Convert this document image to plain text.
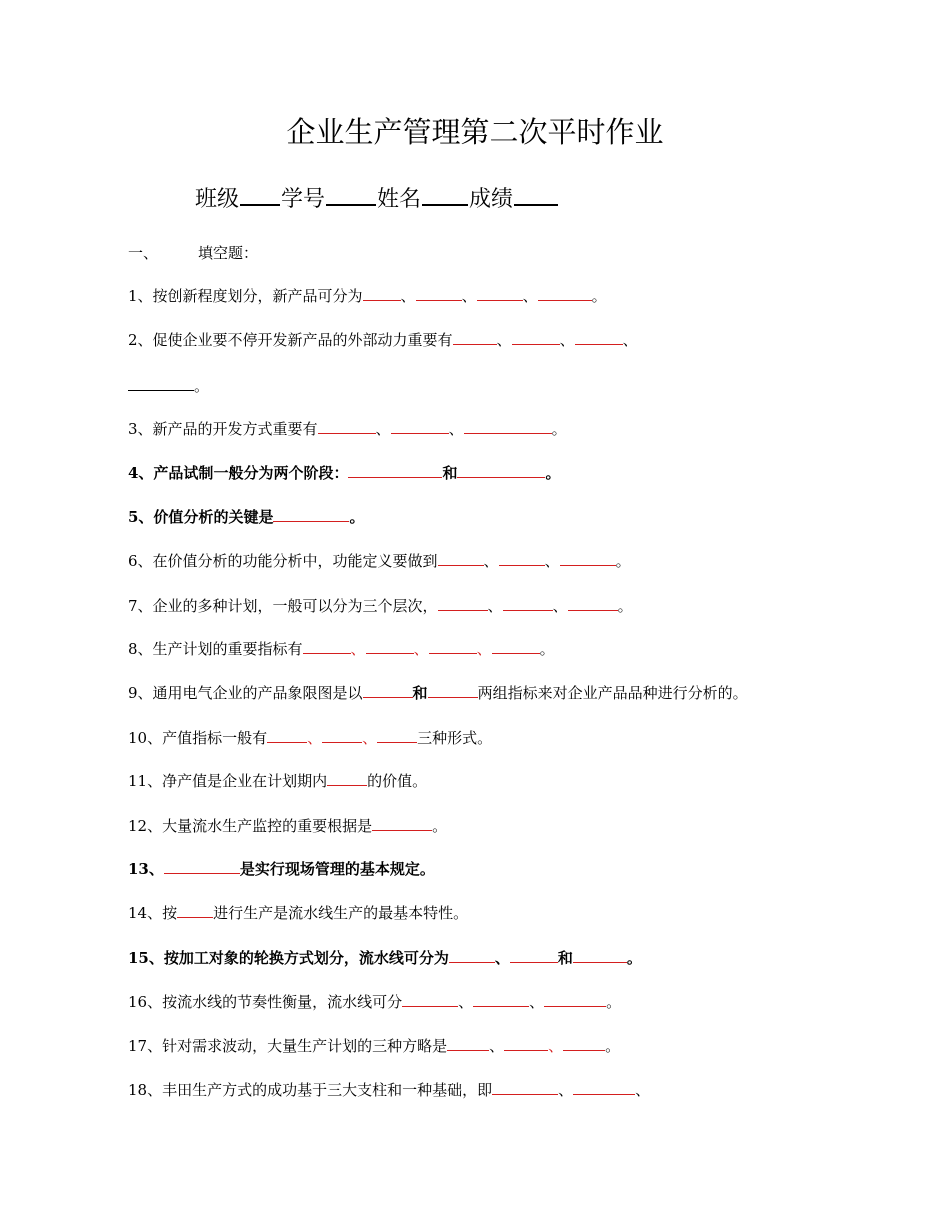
企业生产管理第二次平时作业
班级 学号 姓名 成绩
一、	填空题：
1、按创新程度划分，新产品可分为	、	、	、	。
2、促使企业要不停开发新产品的外部动力重要有	、	、	、
。
3、新产品的开发方式重要有	、	、	。
4、产品试制一般分为两个阶段：	和	。
5、价值分析的关键是	。
6、在价值分析的功能分析中，功能定义要做到	、	、	。
7、企业的多种计划，一般可以分为三个层次，	、	、	。
8、生产计划的重要指标有	、	、	、	。
9、通用电气企业的产品象限图是以	和	两组指标来对企业产品品种进行分析的。
10、产值指标一般有	、	、	三种形式。
11、净产值是企业在计划期内	的价值。
12、大量流水生产监控的重要根据是	。
13、	是实行现场管理的基本规定。
14、按 进行生产是流水线生产的最基本特性。
15、按加工对象的轮换方式划分，流水线可分为	、	和	。
16、按流水线的节奏性衡量，流水线可分	、	、	。
17、针对需求波动，大量生产计划的三种方略是	、	、	。
18、丰田生产方式的成功基于三大支柱和一种基础，即	、	、
